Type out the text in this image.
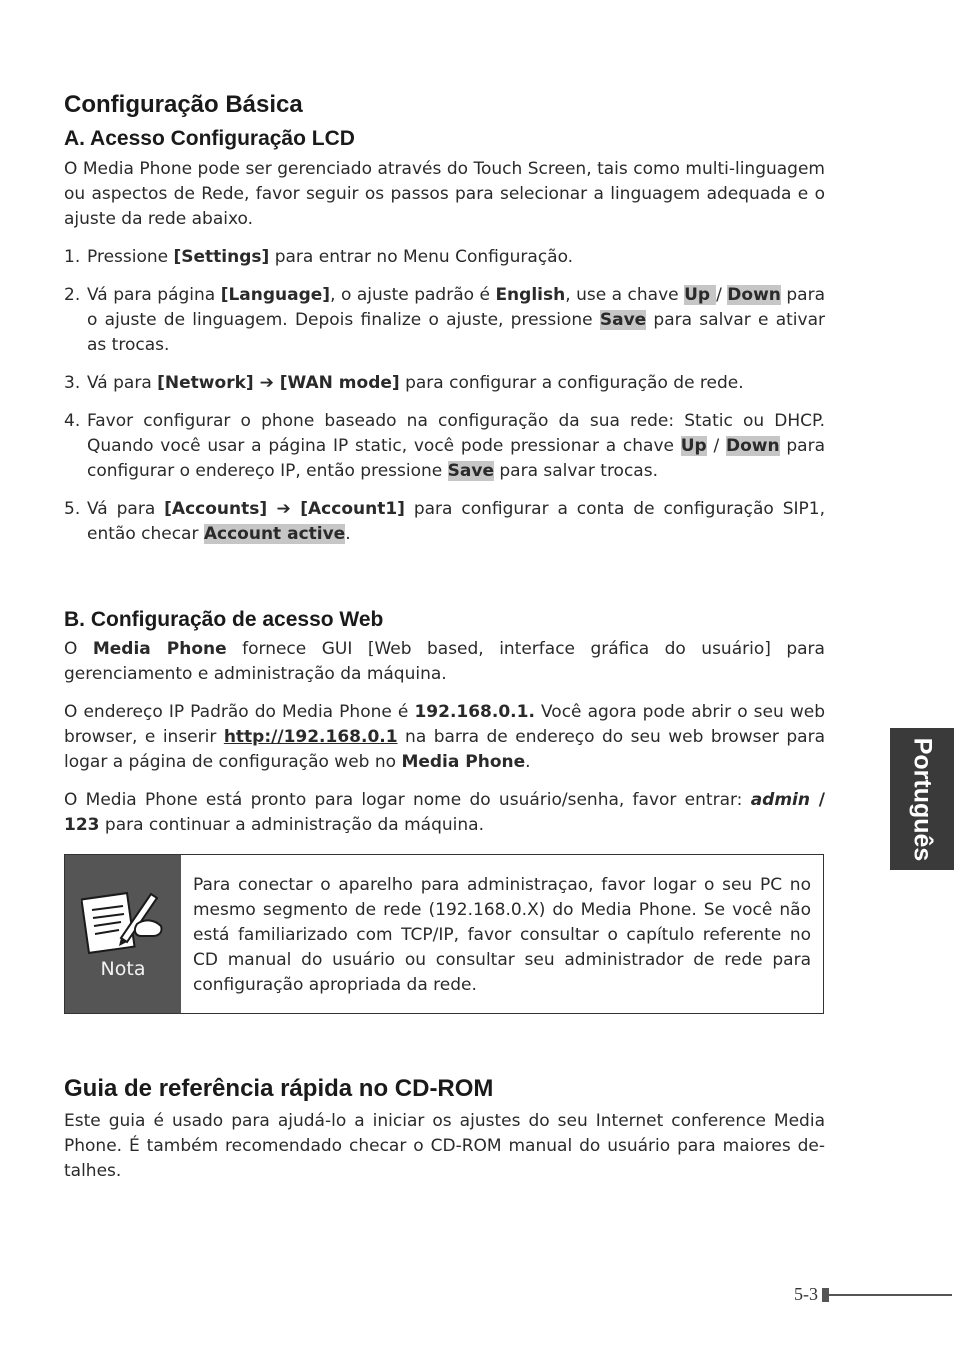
Configuração Básica
A. Acesso Configuração LCD

O Media Phone pode ser gerenciado através do Touch Screen, tais como multi-linguagem ou aspectos de Rede, favor seguir os passos para selecionar a linguagem adequada e o ajuste da rede abaixo.

1. Pressione [Settings] para entrar no Menu Configuração.
2. Vá para página [Language], o ajuste padrão é English, use a chave Up / Down para o ajuste de linguagem. Depois finalize o ajuste, pressione Save para salvar e ativar as trocas.
3. Vá para [Network] ➔ [WAN mode] para configurar a configuração de rede.
4. Favor configurar o phone baseado na configuração da sua rede: Static ou DHCP. Quando você usar a página IP static, você pode pressionar a chave Up / Down para configurar o endereço IP, então pressione Save para salvar trocas.
5. Vá para [Accounts] ➔ [Account1] para configurar a conta de configuração SIP1, então checar Account active.
B. Configuração de acesso Web

O Media Phone fornece GUI [Web based, interface gráfica do usuário] para gerenciamento e administração da máquina.

O endereço IP Padrão do Media Phone é 192.168.0.1. Você agora pode abrir o seu web browser, e inserir http://192.168.0.1 na barra de endereço do seu web browser para logar a página de configuração web no Media Phone.

O Media Phone está pronto para logar nome do usuário/senha, favor entrar: admin / 123 para continuar a administração da máquina.

Nota

Para conectar o aparelho para administraçao, favor logar o seu PC no mesmo segmento de rede (192.168.0.X) do Media Phone. Se você não está familiarizado com TCP/IP, favor consultar o capítulo referente no CD manual do usuário ou consultar seu administrador de rede para configuração apropriada da rede.

Guia de referência rápida no CD-ROM

Este guia é usado para ajudá-lo a iniciar os ajustes do seu Internet conference Media Phone. É também recomendado checar o CD-ROM manual do usuário para maiores de-talhes.

Português
5-3
